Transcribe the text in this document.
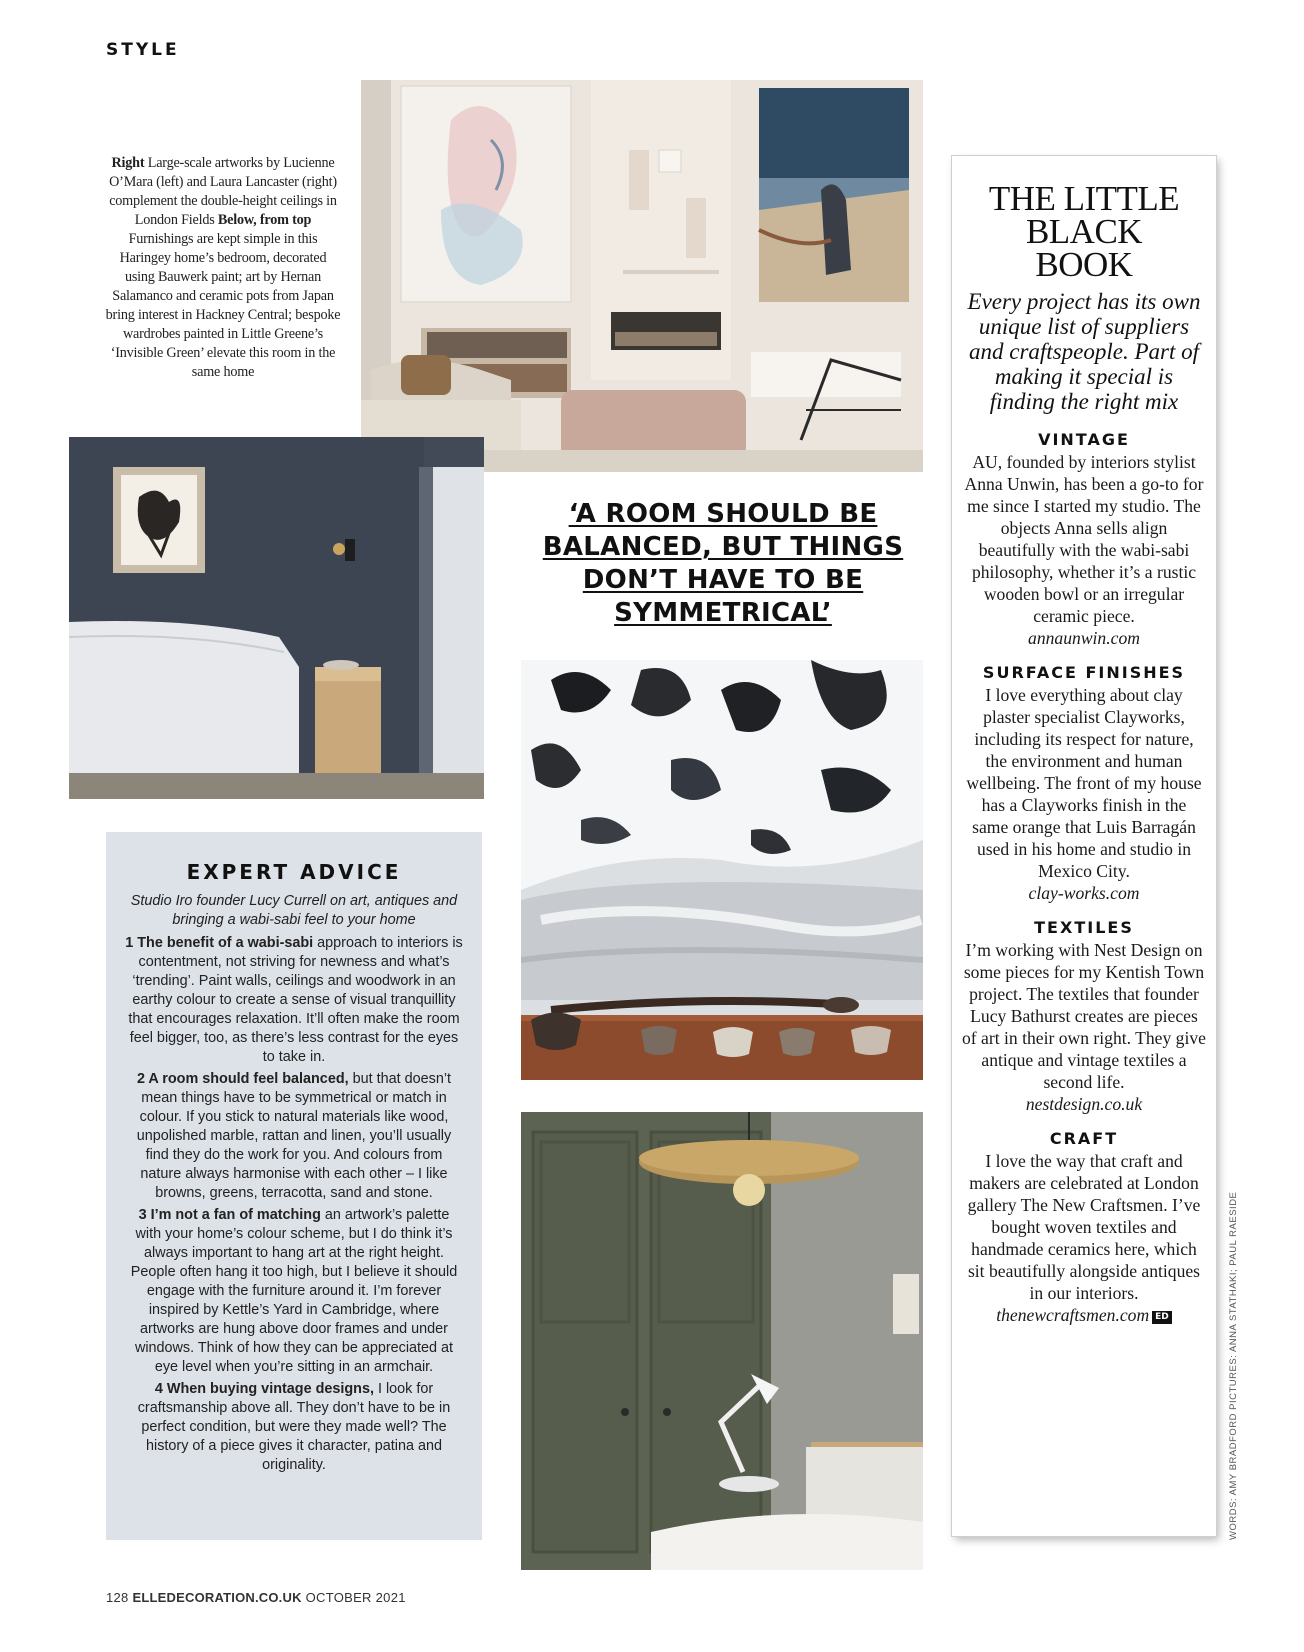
STYLE
Right Large-scale artworks by Lucienne O’Mara (left) and Laura Lancaster (right) complement the double-height ceilings in London Fields Below, from top Furnishings are kept simple in this Haringey home’s bedroom, decorated using Bauwerk paint; art by Hernan Salamanco and ceramic pots from Japan bring interest in Hackney Central; bespoke wardrobes painted in Little Greene’s ‘Invisible Green’ elevate this room in the same home
‘A ROOM SHOULD BE
BALANCED, BUT THINGS
DON’T HAVE TO BE
SYMMETRICAL’
EXPERT ADVICE

Studio Iro founder Lucy Currell on art, antiques and bringing a wabi-sabi feel to your home

1 The benefit of a wabi-sabi approach to interiors is contentment, not striving for newness and what’s ‘trending’. Paint walls, ceilings and woodwork in an earthy colour to create a sense of visual tranquillity that encourages relaxation. It’ll often make the room feel bigger, too, as there’s less contrast for the eyes to take in.

2 A room should feel balanced, but that doesn’t mean things have to be symmetrical or match in colour. If you stick to natural materials like wood, unpolished marble, rattan and linen, you’ll usually find they do the work for you. And colours from nature always harmonise with each other – I like browns, greens, terracotta, sand and stone.

3 I’m not a fan of matching an artwork’s palette with your home’s colour scheme, but I do think it’s always important to hang art at the right height. People often hang it too high, but I believe it should engage with the furniture around it. I’m forever inspired by Kettle’s Yard in Cambridge, where artworks are hung above door frames and under windows. Think of how they can be appreciated at eye level when you’re sitting in an armchair.

4 When buying vintage designs, I look for craftsmanship above all. They don’t have to be in perfect condition, but were they made well? The history of a piece gives it character, patina and originality.

THE LITTLE
BLACK
BOOK

Every project has its own unique list of suppliers and craftspeople. Part of making it special is finding the right mix

VINTAGE

AU, founded by interiors stylist Anna Unwin, has been a go-to for me since I started my studio. The objects Anna sells align beautifully with the wabi-sabi philosophy, whether it’s a rustic wooden bowl or an irregular ceramic piece.
annaunwin.com

SURFACE FINISHES

I love everything about clay plaster specialist Clayworks, including its respect for nature, the environment and human wellbeing. The front of my house has a Clayworks finish in the same orange that Luis Barragán used in his home and studio in Mexico City.
clay-works.com

TEXTILES

I’m working with Nest Design on some pieces for my Kentish Town project. The textiles that founder Lucy Bathurst creates are pieces of art in their own right. They give antique and vintage textiles a second life.
nestdesign.co.uk

CRAFT

I love the way that craft and makers are celebrated at London gallery The New Craftsmen. I’ve bought woven textiles and handmade ceramics here, which sit beautifully alongside antiques in our interiors.
thenewcraftsmen.com ED	WORDS: AMY BRADFORD PICTURES: ANNA STATHAKI; PAUL RAESIDE
128 ELLEDECORATION.CO.UK OCTOBER 2021
